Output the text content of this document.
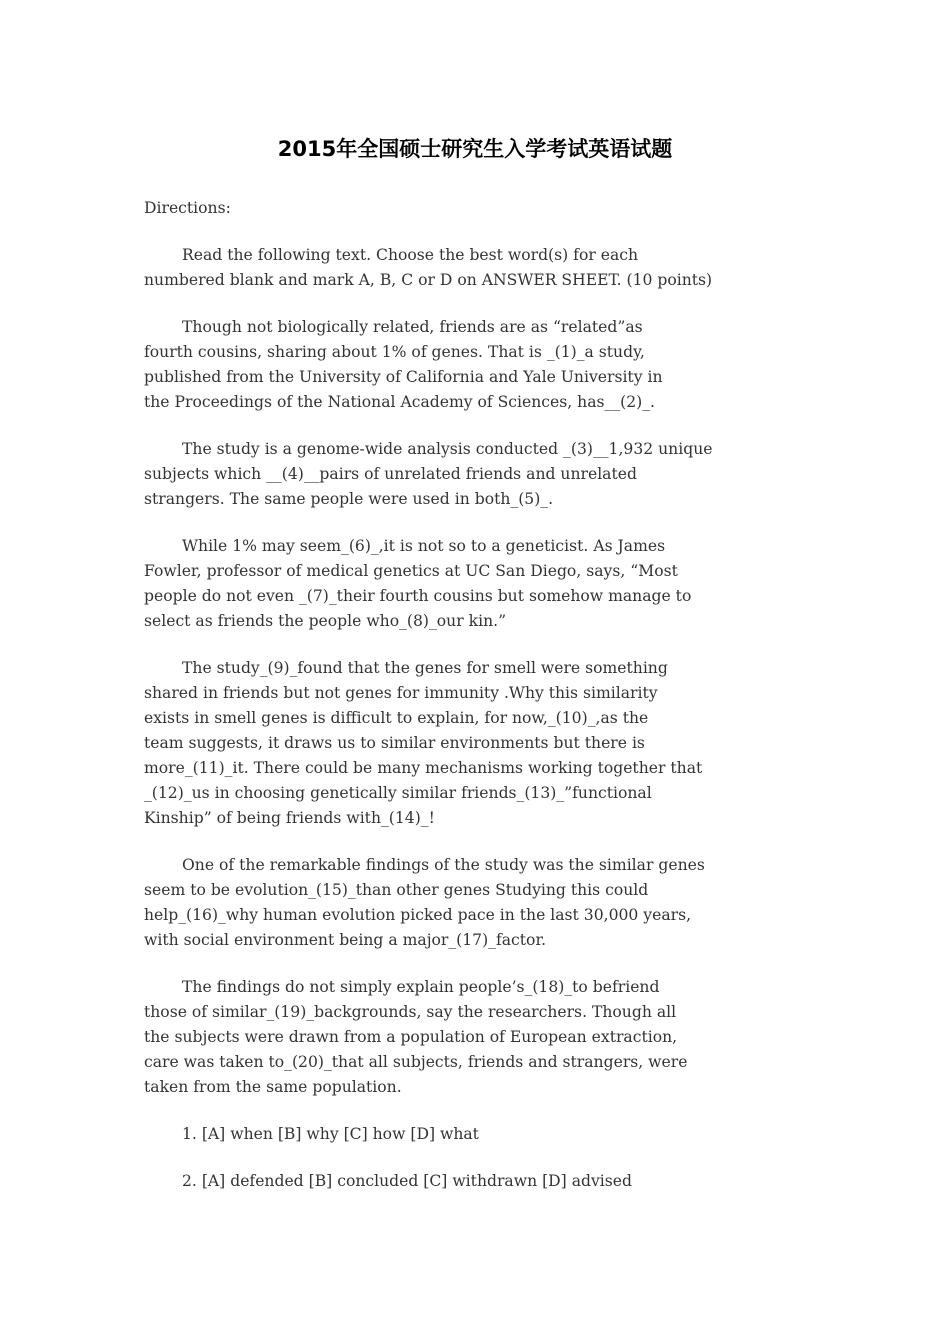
2015年全国硕士研究生入学考试英语试题

Directions:

Read the following text. Choose the best word(s) for each
numbered blank and mark A, B, C or D on ANSWER SHEET. (10 points)

Though not biologically related, friends are as “related”as
fourth cousins, sharing about 1% of genes. That is _(1)_a study,
published from the University of California and Yale University in
the Proceedings of the National Academy of Sciences, has__(2)_.

The study is a genome-wide analysis conducted _(3)__1,932 unique
subjects which __(4)__pairs of unrelated friends and unrelated
strangers. The same people were used in both_(5)_.

While 1% may seem_(6)_,it is not so to a geneticist. As James
Fowler, professor of medical genetics at UC San Diego, says, “Most
people do not even _(7)_their fourth cousins but somehow manage to
select as friends the people who_(8)_our kin.”

The study_(9)_found that the genes for smell were something
shared in friends but not genes for immunity .Why this similarity
exists in smell genes is difficult to explain, for now,_(10)_,as the
team suggests, it draws us to similar environments but there is
more_(11)_it. There could be many mechanisms working together that
_(12)_us in choosing genetically similar friends_(13)_”functional
Kinship” of being friends with_(14)_!

One of the remarkable findings of the study was the similar genes
seem to be evolution_(15)_than other genes Studying this could
help_(16)_why human evolution picked pace in the last 30,000 years,
with social environment being a major_(17)_factor.

The findings do not simply explain people’s_(18)_to befriend
those of similar_(19)_backgrounds, say the researchers. Though all
the subjects were drawn from a population of European extraction,
care was taken to_(20)_that all subjects, friends and strangers, were
taken from the same population.

1. [A] when [B] why [C] how [D] what

2. [A] defended [B] concluded [C] withdrawn [D] advised
